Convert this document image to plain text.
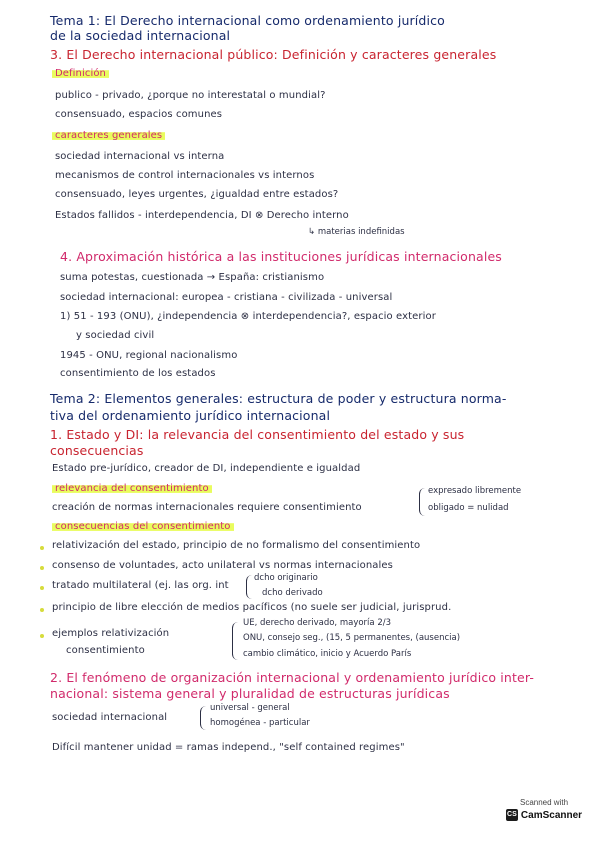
Tema 1: El Derecho internacional como ordenamiento jurídico
de la sociedad internacional
3. El Derecho internacional público: Definición y caracteres generales
Definición
publico - privado, ¿porque no interestatal o mundial?
consensuado, espacios comunes
caracteres generales
sociedad internacional vs interna
mecanismos de control internacionales vs internos
consensuado, leyes urgentes, ¿igualdad entre estados?
Estados fallidos - interdependencia, DI ⊗ Derecho interno
↳ materias indefinidas
4. Aproximación histórica a las instituciones jurídicas internacionales
suma potestas, cuestionada → España: cristianismo
sociedad internacional: europea - cristiana - civilizada - universal
1) 51 - 193 (ONU), ¿independencia ⊗ interdependencia?, espacio exterior
y sociedad civil
1945 - ONU, regional nacionalismo
consentimiento de los estados
Tema 2: Elementos generales: estructura de poder y estructura norma-
tiva del ordenamiento jurídico internacional
1. Estado y DI: la relevancia del consentimiento del estado y sus
consecuencias
Estado pre-jurídico, creador de DI, independiente e igualdad
relevancia del consentimiento
creación de normas internacionales requiere consentimiento
expresado libremente
obligado = nulidad
consecuencias del consentimiento
relativización del estado, principio de no formalismo del consentimiento
consenso de voluntades, acto unilateral vs normas internacionales
tratado multilateral (ej. las org. int
dcho originario
dcho derivado
principio de libre elección de medios pacíficos (no suele ser judicial, jurisprud.
ejemplos relativización
consentimiento
UE, derecho derivado, mayoría 2/3
ONU, consejo seg., (15, 5 permanentes, (ausencia)
cambio climático, inicio y Acuerdo París
2. El fenómeno de organización internacional y ordenamiento jurídico inter-
nacional: sistema general y pluralidad de estructuras jurídicas
sociedad internacional
universal - general
homogénea - particular
Difícil mantener unidad = ramas independ., "self contained regimes"
Scanned with
CS CamScanner
